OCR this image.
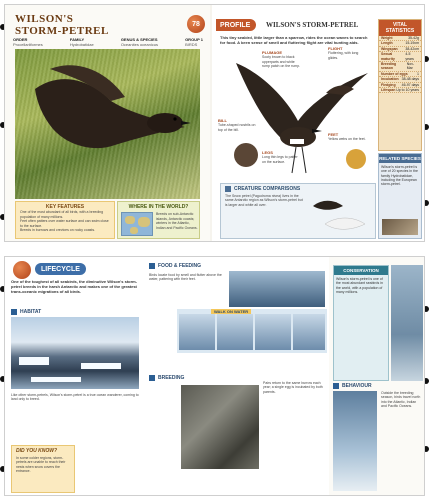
WILSON'S
STORM-PETREL
78
ORDER
Procellariiformes
FAMILY
Hydrobatidae
GENUS & SPECIES
Oceanites oceanicus
GROUP 1
BIRDS
KEY FEATURES
One of the most abundant of all birds, with a breeding population of many millions.
Feet often patters over water surface and can swim close to the surface.
Breeds in burrows and crevices on rocky coasts.
WHERE IN THE WORLD?
Breeds on sub-Antarctic islands, Antarctic coasts; winters in the Atlantic, Indian and Pacific Oceans.
PROFILE	WILSON'S STORM-PETREL
This tiny seabird, little larger than a sparrow, rides the ocean waves to search for food. A keen sense of smell and fluttering flight are vital hunting aids.
PLUMAGE
Sooty brown to black upperparts and white rump patch on the rump.
FLIGHT
Fluttering, with long glides.
BILL
Tube-shaped nostrils on top of the bill.
LEGS
Long thin legs to patter on the surface.
FEET
Yellow webs on the feet.
VITAL STATISTICS
Weight	35-42g
Length	15-19cm
Wingspan 38-42cm
Sexual maturity
4-5 years
Breeding season
Nov-Mar
Number of eggs	1
Incubation 38-48 days
Fledging 46-97 days
Lifespan Up to 10 years
RELATED SPECIES
Wilson's storm-petrel is one of 20 species in the family Hydrobatidae, including the European storm-petrel.
CREATURE COMPARISONS
The Snow petrel (Pagodroma nivea) lives in the same Antarctic region as Wilson's storm-petrel but is larger and white all over.
LIFECYCLE
One of the toughest of all seabirds, the diminutive Wilson's storm-petrel breeds in the harsh Antarctic and makes one of the greatest trans-oceanic migrations of all birds.
HABITAT
Like other storm-petrels, Wilson's storm-petrel is a true ocean wanderer, coming to land only to breed.
DID YOU KNOW?
In some colder regions, storm-petrels are unable to reach their nests when snow covers the entrance.
FOOD & FEEDING
Birds locate food by smell and flutter above the water, pattering with their feet.
WALK ON WATER
BREEDING
Pairs return to the same burrow each year; a single egg is incubated by both parents.
CONSERVATION
Wilson's storm-petrel is one of the most abundant seabirds in the world, with a population of many millions.
BEHAVIOUR
Outside the breeding season, birds travel north into the Atlantic, Indian and Pacific Oceans.
